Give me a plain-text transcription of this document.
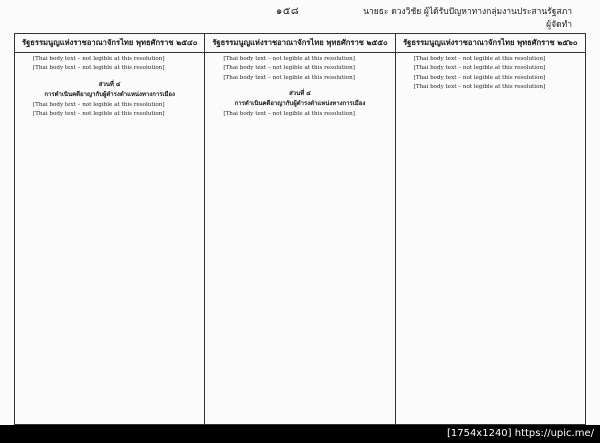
๑๕๘	นายธะ ดวงวิชัย ผู้ได้รับปัญหาทางกลุ่มงานประสานรัฐสภา
ผู้จัดทำ
รัฐธรรมนูญแห่งราชอาณาจักรไทย พุทธศักราช ๒๕๔๐

[Thai body text – not legible at this resolution]

[Thai body text – not legible at this resolution]

ส่วนที่ ๔
การดำเนินคดีอาญากับผู้ดำรงตำแหน่งทางการเมือง

[Thai body text – not legible at this resolution]

[Thai body text – not legible at this resolution]

รัฐธรรมนูญแห่งราชอาณาจักรไทย พุทธศักราช ๒๕๕๐

[Thai body text – not legible at this resolution]

[Thai body text – not legible at this resolution]

[Thai body text – not legible at this resolution]

ส่วนที่ ๔
การดำเนินคดีอาญากับผู้ดำรงตำแหน่งทางการเมือง

[Thai body text – not legible at this resolution]

รัฐธรรมนูญแห่งราชอาณาจักรไทย พุทธศักราช ๒๕๖๐

[Thai body text – not legible at this resolution]

[Thai body text – not legible at this resolution]

[Thai body text – not legible at this resolution]

[Thai body text – not legible at this resolution]

[1754x1240] https://upic.me/
